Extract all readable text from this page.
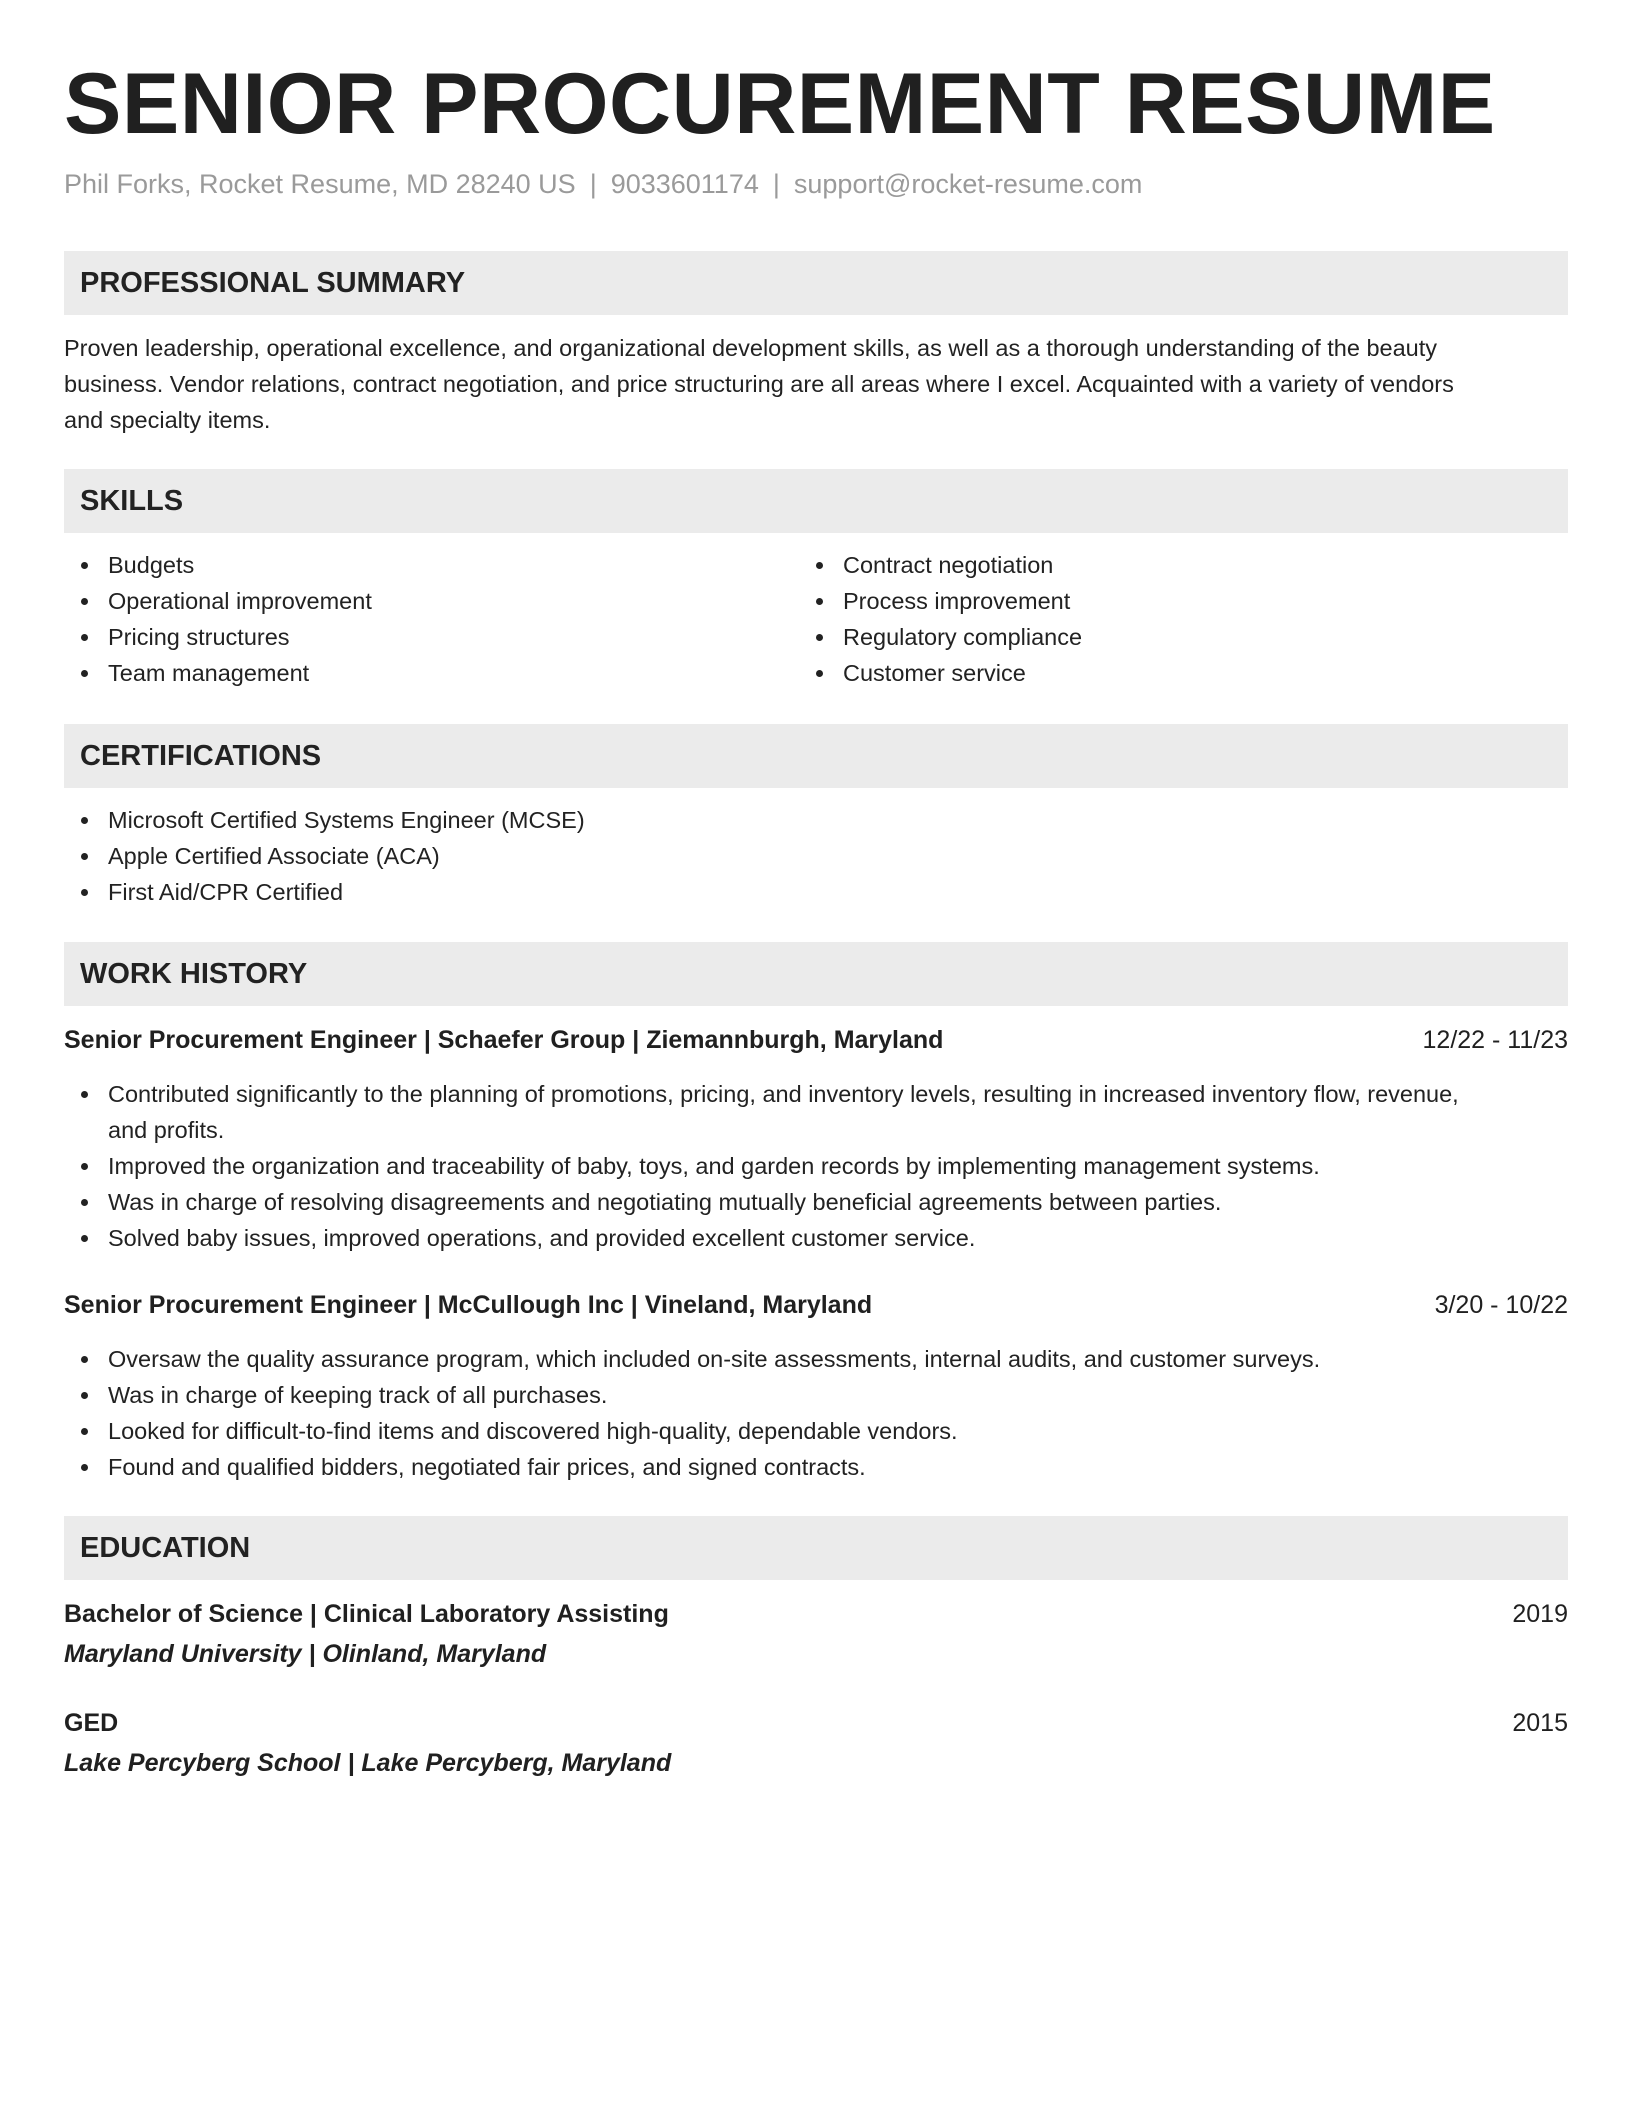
SENIOR PROCUREMENT RESUME
Phil Forks, Rocket Resume, MD 28240 US | 9033601174 | support@rocket-resume.com
PROFESSIONAL SUMMARY
Proven leadership, operational excellence, and organizational development skills, as well as a thorough understanding of the beauty
business. Vendor relations, contract negotiation, and price structuring are all areas where I excel. Acquainted with a variety of vendors
and specialty items.
SKILLS
Budgets
Operational improvement
Pricing structures
Team management
Contract negotiation
Process improvement
Regulatory compliance
Customer service
CERTIFICATIONS
Microsoft Certified Systems Engineer (MCSE)
Apple Certified Associate (ACA)
First Aid/CPR Certified
WORK HISTORY
Senior Procurement Engineer | Schaefer Group | Ziemannburgh, Maryland	12/22 - 11/23
Contributed significantly to the planning of promotions, pricing, and inventory levels, resulting in increased inventory flow, revenue,
and profits.
Improved the organization and traceability of baby, toys, and garden records by implementing management systems.
Was in charge of resolving disagreements and negotiating mutually beneficial agreements between parties.
Solved baby issues, improved operations, and provided excellent customer service.
Senior Procurement Engineer | McCullough Inc | Vineland, Maryland	3/20 - 10/22
Oversaw the quality assurance program, which included on-site assessments, internal audits, and customer surveys.
Was in charge of keeping track of all purchases.
Looked for difficult-to-find items and discovered high-quality, dependable vendors.
Found and qualified bidders, negotiated fair prices, and signed contracts.
EDUCATION
Bachelor of Science | Clinical Laboratory Assisting	2019
Maryland University | Olinland, Maryland
GED	2015
Lake Percyberg School | Lake Percyberg, Maryland
